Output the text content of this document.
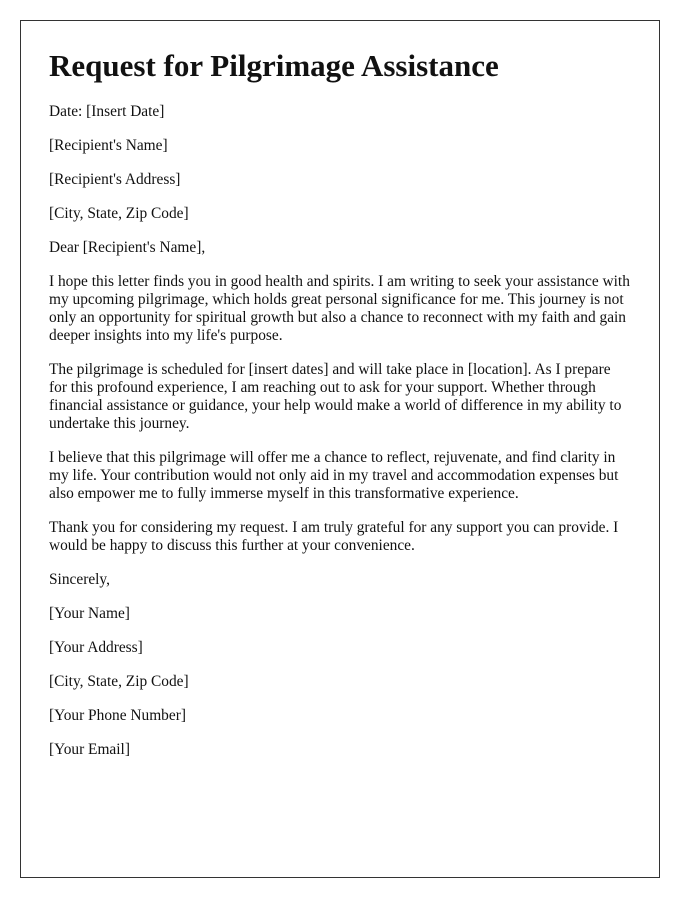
Request for Pilgrimage Assistance

Date: [Insert Date]

[Recipient's Name]

[Recipient's Address]

[City, State, Zip Code]

Dear [Recipient's Name],

I hope this letter finds you in good health and spirits. I am writing to seek your assistance with my upcoming pilgrimage, which holds great personal significance for me. This journey is not only an opportunity for spiritual growth but also a chance to reconnect with my faith and gain deeper insights into my life's purpose.

The pilgrimage is scheduled for [insert dates] and will take place in [location]. As I prepare for this profound experience, I am reaching out to ask for your support. Whether through financial assistance or guidance, your help would make a world of difference in my ability to undertake this journey.

I believe that this pilgrimage will offer me a chance to reflect, rejuvenate, and find clarity in my life. Your contribution would not only aid in my travel and accommodation expenses but also empower me to fully immerse myself in this transformative experience.

Thank you for considering my request. I am truly grateful for any support you can provide. I would be happy to discuss this further at your convenience.

Sincerely,

[Your Name]

[Your Address]

[City, State, Zip Code]

[Your Phone Number]

[Your Email]
